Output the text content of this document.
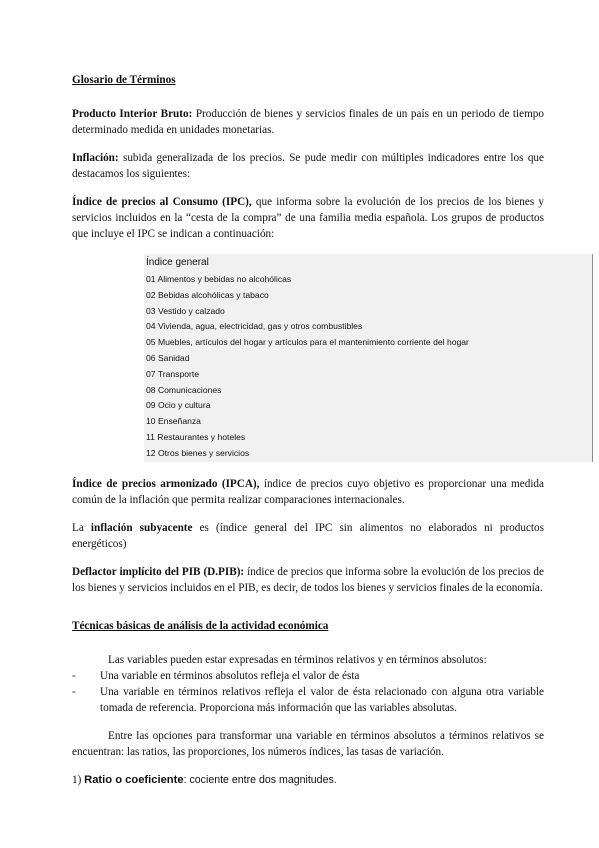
Glosario de Términos

Producto Interior Bruto: Producción de bienes y servicios finales de un país en un periodo de tiempo determinado medida en unidades monetarias.

Inflación: subida generalizada de los precios. Se pude medir con múltiples indicadores entre los que destacamos los siguientes:

Índice de precios al Consumo (IPC), que informa sobre la evolución de los precios de los bienes y servicios incluidos en la “cesta de la compra” de una familia media española. Los grupos de productos que incluye el IPC se indican a continuación:

Índice general
01 Alimentos y bebidas no alcohólicas
02 Bebidas alcohólicas y tabaco
03 Vestido y calzado
04 Vivienda, agua, electricidad, gas y otros combustibles
05 Muebles, artículos del hogar y artículos para el mantenimiento corriente del hogar
06 Sanidad
07 Transporte
08 Comunicaciones
09 Ocio y cultura
10 Enseñanza
11 Restaurantes y hoteles
12 Otros bienes y servicios

Índice de precios armonizado (IPCA), índice de precios cuyo objetivo es proporcionar una medida común de la inflación que permita realizar comparaciones internacionales.

La inflación subyacente es (índice general del IPC sin alimentos no elaborados ni productos energéticos)

Deflactor implícito del PIB (D.PIB): índice de precios que informa sobre la evolución de los precios de los bienes y servicios incluidos en el PIB, es decir, de todos los bienes y servicios finales de la economía.

Técnicas básicas de análisis de la actividad económica

Las variables pueden estar expresadas en términos relativos y en términos absolutos:

- Una variable en términos absolutos refleja el valor de ésta
- Una variable en términos relativos refleja el valor de ésta relacionado con alguna otra variable tomada de referencia. Proporciona más información que las variables absolutas.

Entre las opciones para transformar una variable en términos absolutos a términos relativos se encuentran: las ratios, las proporciones, los números índices, las tasas de variación.

1) Ratio o coeficiente: cociente entre dos magnitudes.
